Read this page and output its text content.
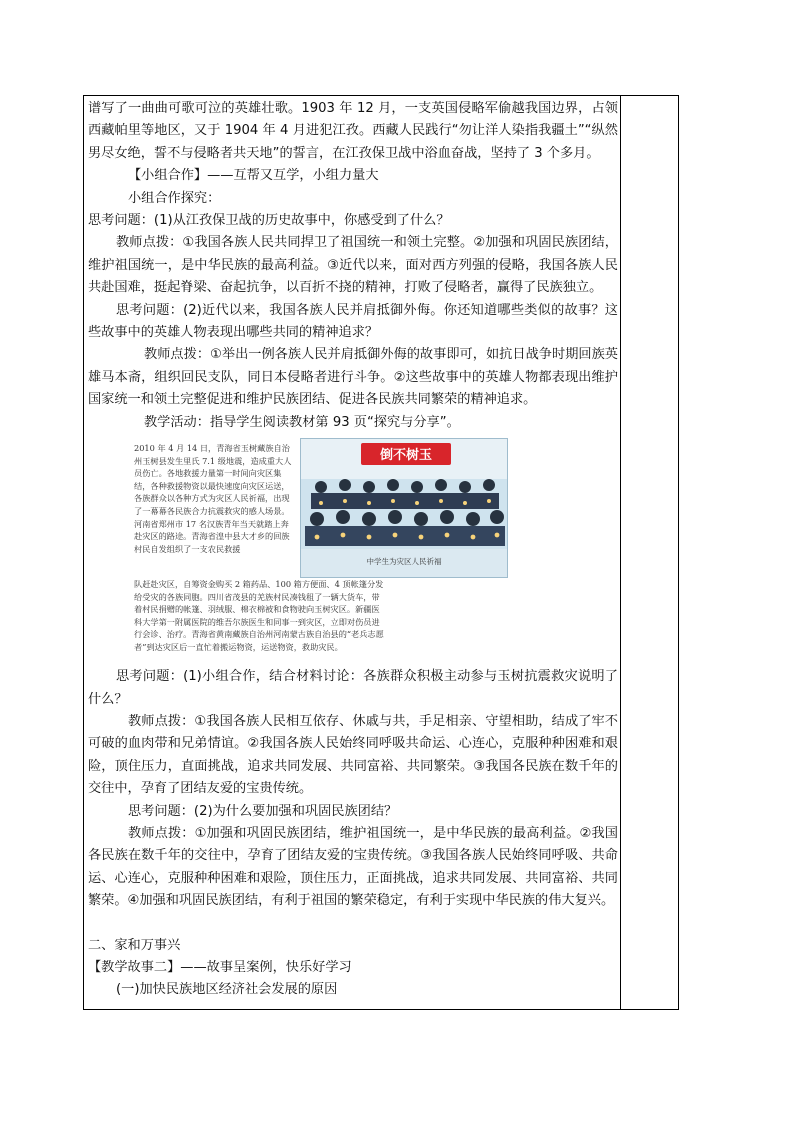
谱写了一曲曲可歌可泣的英雄壮歌。1903 年 12 月，一支英国侵略军偷越我国边界，占领西藏帕里等地区，又于 1904 年 4 月进犯江孜。西藏人民践行“勿让洋人染指我疆土”“纵然男尽女绝，誓不与侵略者共天地”的誓言，在江孜保卫战中浴血奋战，坚持了 3 个多月。

【小组合作】——互帮又互学，小组力量大

小组合作探究：

思考问题：(1)从江孜保卫战的历史故事中，你感受到了什么？

教师点拨：①我国各族人民共同捍卫了祖国统一和领土完整。②加强和巩固民族团结，维护祖国统一，是中华民族的最高利益。③近代以来，面对西方列强的侵略，我国各族人民共赴国难，挺起脊梁、奋起抗争，以百折不挠的精神，打败了侵略者，赢得了民族独立。

思考问题：(2)近代以来，我国各族人民并肩抵御外侮。你还知道哪些类似的故事？这些故事中的英雄人物表现出哪些共同的精神追求？

教师点拨：①举出一例各族人民并肩抵御外侮的故事即可，如抗日战争时期回族英雄马本斋，组织回民支队，同日本侵略者进行斗争。②这些故事中的英雄人物都表现出维护国家统一和领土完整促进和维护民族团结、促进各民族共同繁荣的精神追求。

教学活动：指导学生阅读教材第 93 页“探究与分享”。

2010 年 4 月 14 日，青海省玉树藏族自治州玉树县发生里氏 7.1 级地震，造成重大人员伤亡。各地救援力量第一时间向灾区集结，各种救援物资以最快速度向灾区运送，各族群众以各种方式为灾区人民祈福，出现了一幕幕各民族合力抗震救灾的感人场景。河南省郑州市 17 名汉族青年当天就踏上奔赴灾区的路途。青海省湟中县大才乡的回族村民自发组织了一支农民救援
倒不树玉
中学生为灾区人民祈福
队赶赴灾区，自筹资金购买 2 箱药品、100 箱方便面、4 顶帐篷分发给受灾的各族同胞。四川省茂县的羌族村民凑钱租了一辆大货车，带着村民捐赠的帐篷、羽绒服、棉衣棉被和食物驶向玉树灾区。新疆医科大学第一附属医院的维吾尔族医生和同事一到灾区，立即对伤员进行会诊、治疗。青海省黄南藏族自治州河南蒙古族自治县的“老兵志愿者”到达灾区后一直忙着搬运物资，运送物资，救助灾民。

思考问题：(1)小组合作，结合材料讨论：各族群众积极主动参与玉树抗震救灾说明了什么？

教师点拨：①我国各族人民相互依存、休戚与共，手足相亲、守望相助，结成了牢不可破的血肉带和兄弟情谊。②我国各族人民始终同呼吸共命运、心连心，克服种种困难和艰险，顶住压力，直面挑战，追求共同发展、共同富裕、共同繁荣。③我国各民族在数千年的交往中，孕育了团结友爱的宝贵传统。

思考问题：(2)为什么要加强和巩固民族团结？

教师点拨：①加强和巩固民族团结，维护祖国统一，是中华民族的最高利益。②我国各民族在数千年的交往中，孕育了团结友爱的宝贵传统。③我国各族人民始终同呼吸、共命运、心连心，克服种种困难和艰险，顶住压力，正面挑战，追求共同发展、共同富裕、共同繁荣。④加强和巩固民族团结，有利于祖国的繁荣稳定，有利于实现中华民族的伟大复兴。

二、家和万事兴

【教学故事二】——故事呈案例，快乐好学习

(一)加快民族地区经济社会发展的原因
